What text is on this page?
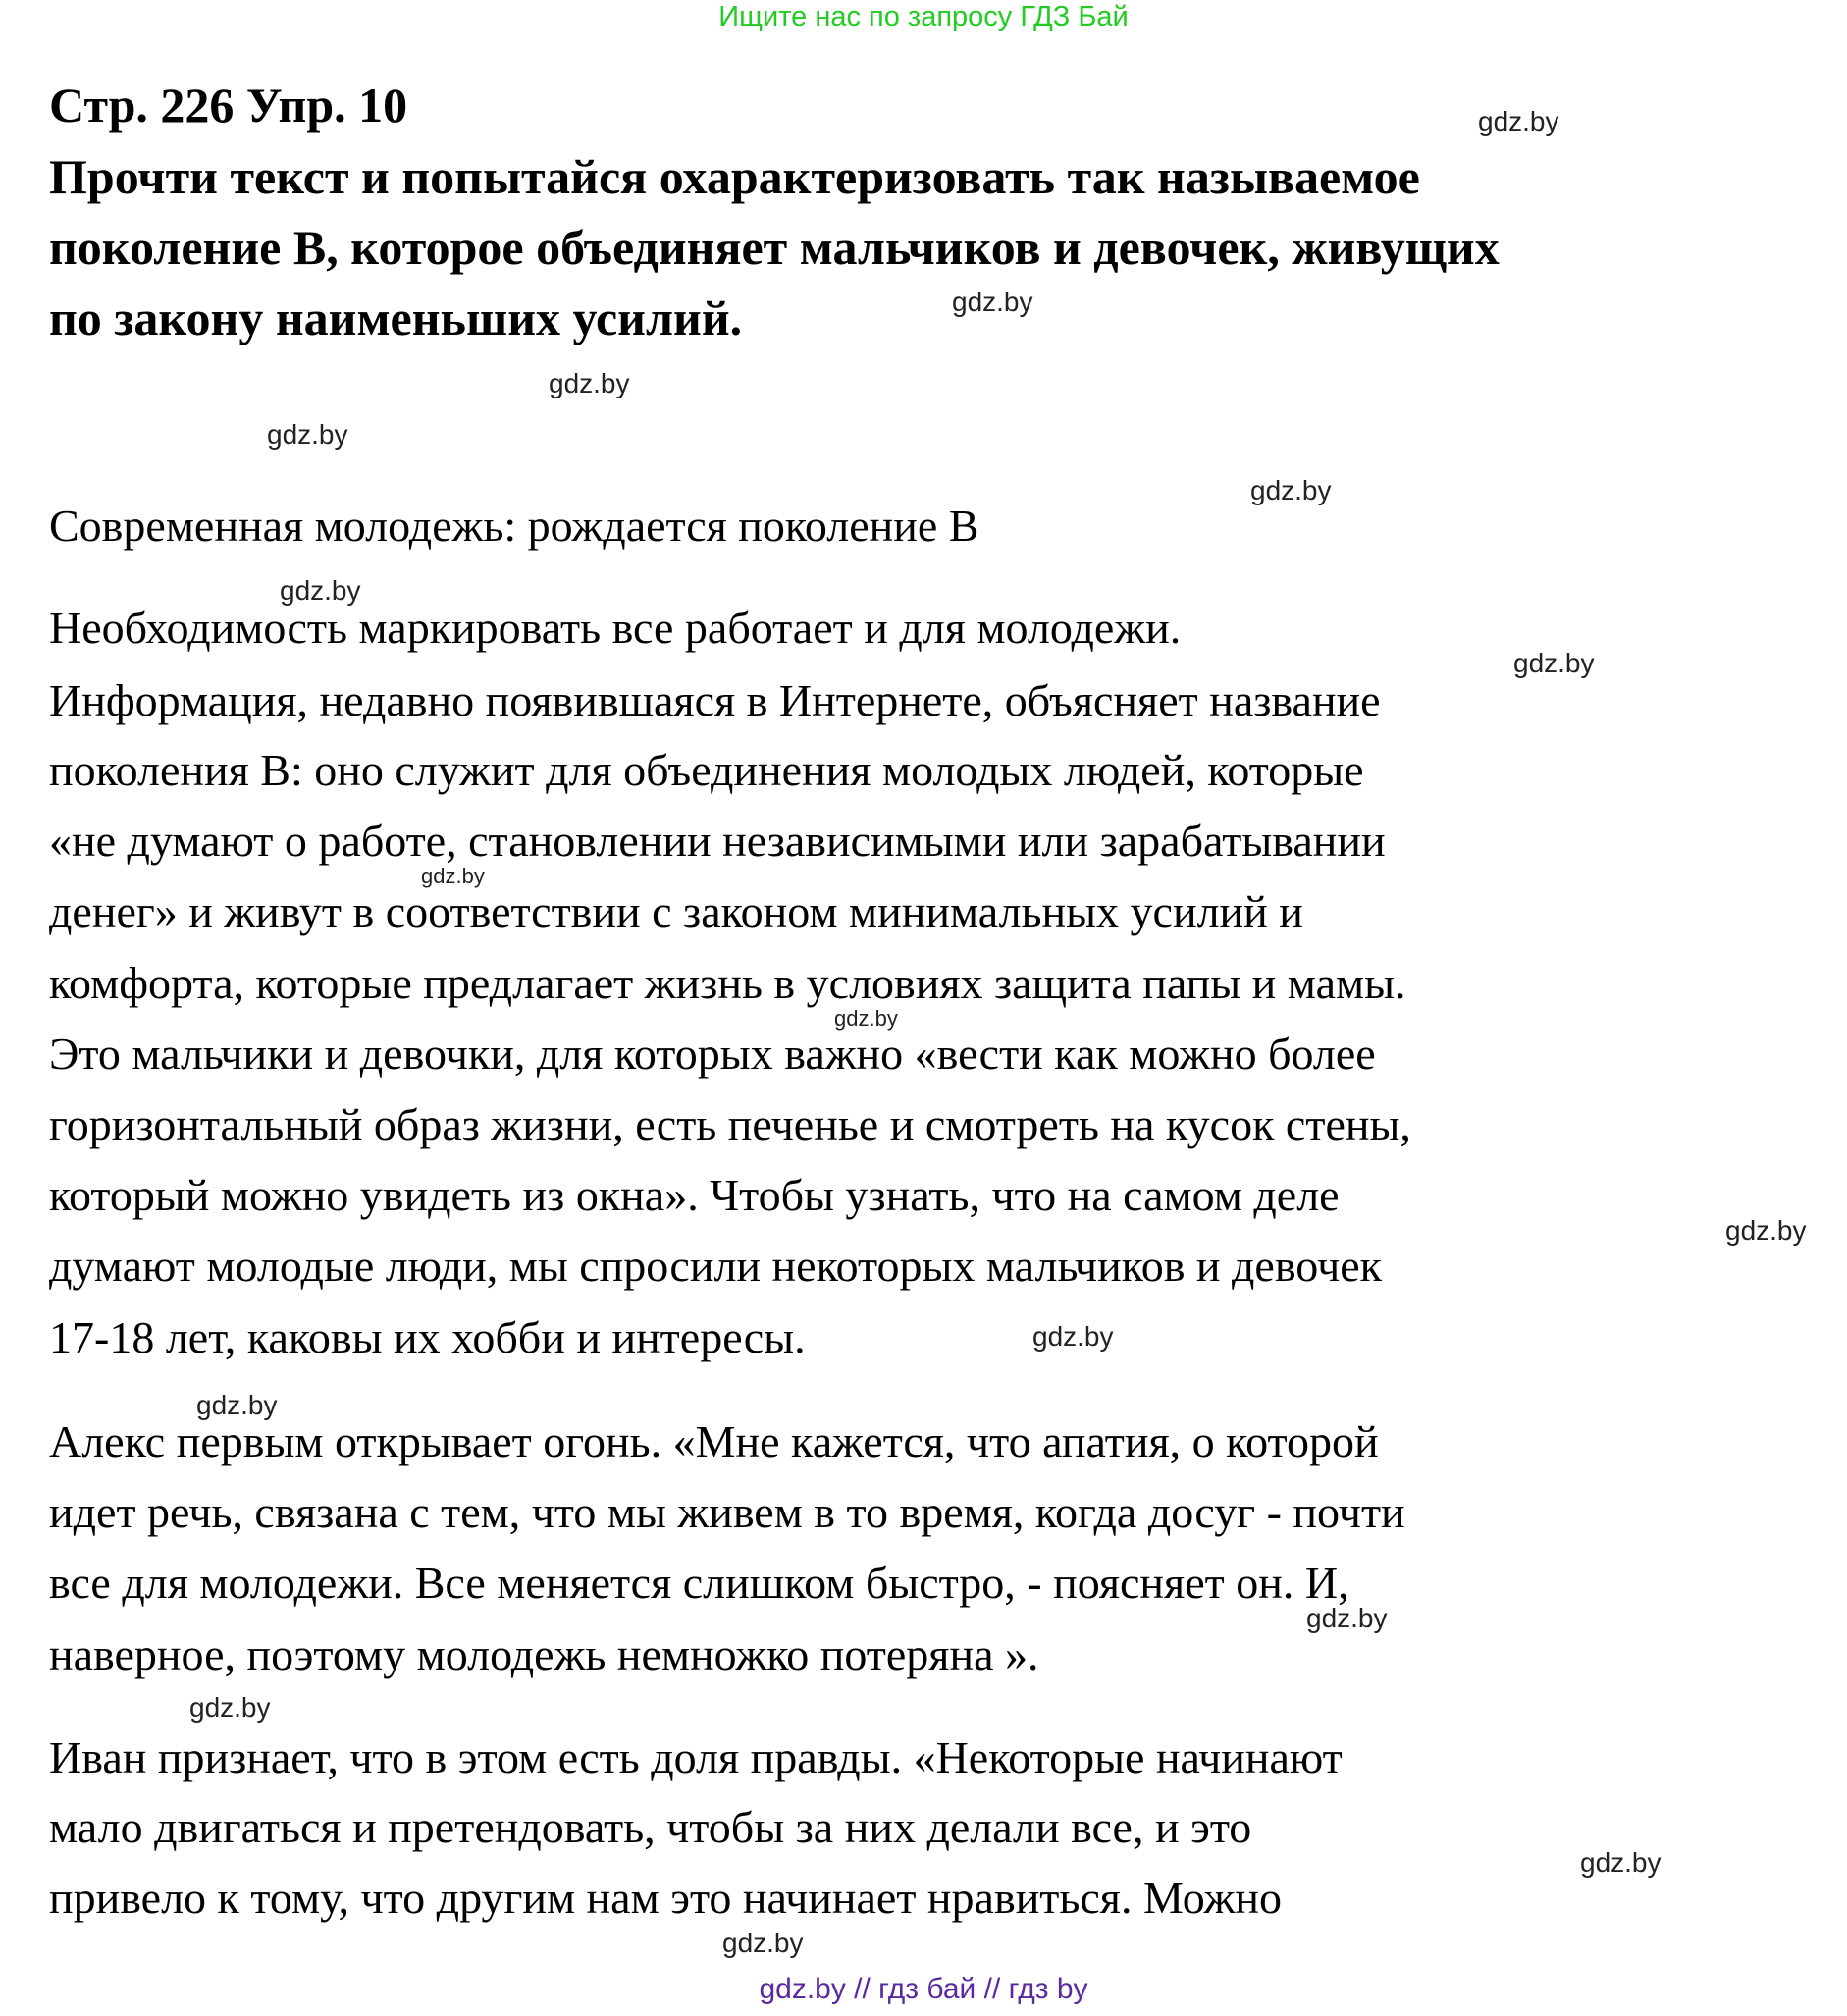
Ищите нас по запросу ГДЗ Бай
Стр. 226 Упр. 10
Прочти текст и попытайся охарактеризовать так называемое
поколение В, которое объединяет мальчиков и девочек, живущих
по закону наименьших усилий.
Современная молодежь: рождается поколение В
Необходимость маркировать все работает и для молодежи.
Информация, недавно появившаяся в Интернете, объясняет название
поколения В: оно служит для объединения молодых людей, которые
«не думают о работе, становлении независимыми или зарабатывании
денег» и живут в соответствии с законом минимальных усилий и
комфорта, которые предлагает жизнь в условиях защита папы и мамы.
Это мальчики и девочки, для которых важно «вести как можно более
горизонтальный образ жизни, есть печенье и смотреть на кусок стены,
который можно увидеть из окна». Чтобы узнать, что на самом деле
думают молодые люди, мы спросили некоторых мальчиков и девочек
17-18 лет, каковы их хобби и интересы.
Алекс первым открывает огонь. «Мне кажется, что апатия, о которой
идет речь, связана с тем, что мы живем в то время, когда досуг - почти
все для молодежи. Все меняется слишком быстро, - поясняет он. И,
наверное, поэтому молодежь немножко потеряна ».
Иван признает, что в этом есть доля правды. «Некоторые начинают
мало двигаться и претендовать, чтобы за них делали все, и это
привело к тому, что другим нам это начинает нравиться. Можно
gdz.by
gdz.by
gdz.by
gdz.by
gdz.by
gdz.by
gdz.by
gdz.by
gdz.by
gdz.by
gdz.by
gdz.by
gdz.by
gdz.by
gdz.by
gdz.by
gdz.by // гдз бай // гдз by
